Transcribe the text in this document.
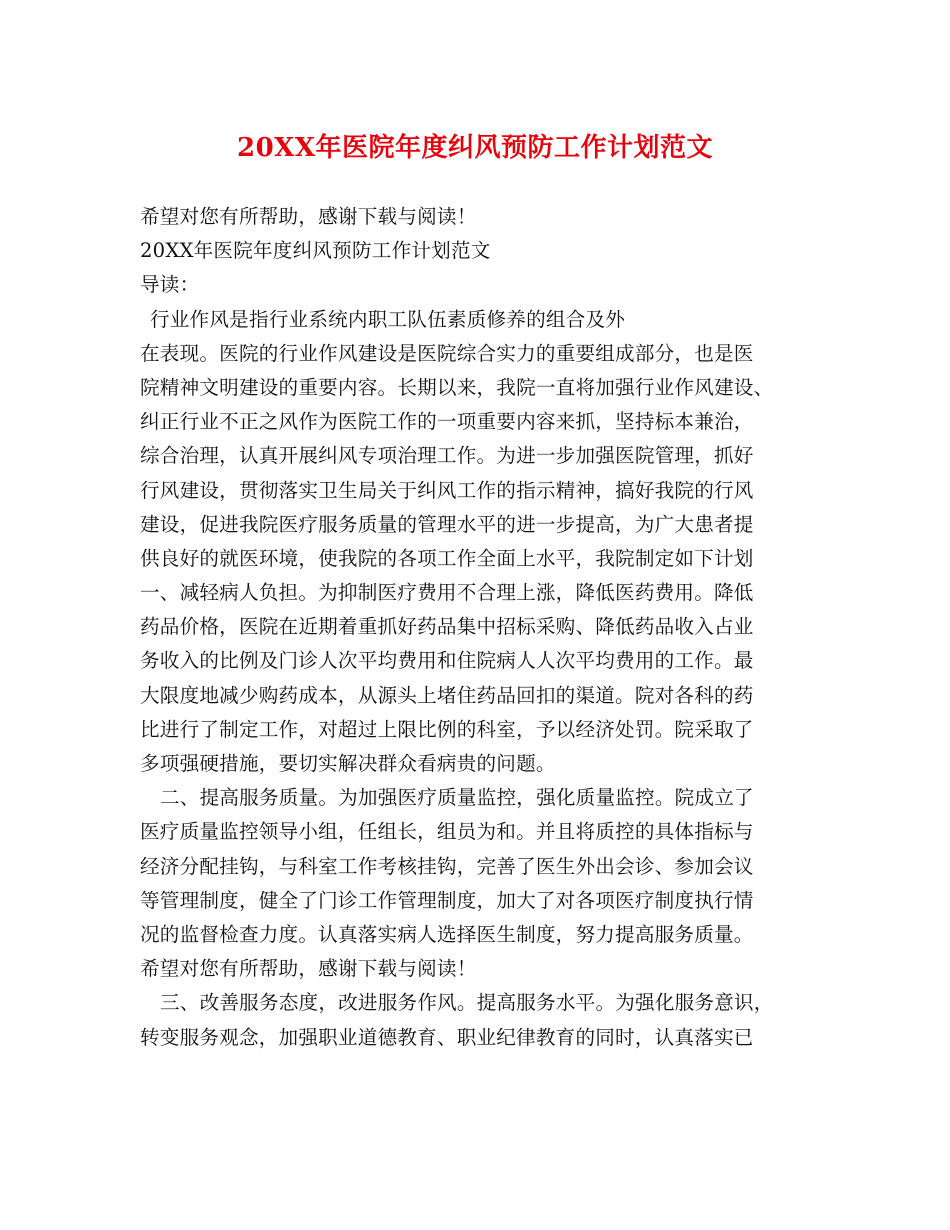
20XX年医院年度纠风预防工作计划范文
希望对您有所帮助，感谢下载与阅读！
20XX年医院年度纠风预防工作计划范文
导读：
行业作风是指行业系统内职工队伍素质修养的组合及外
在表现。医院的行业作风建设是医院综合实力的重要组成部分，也是医
院精神文明建设的重要内容。长期以来，我院一直将加强行业作风建设、
纠正行业不正之风作为医院工作的一项重要内容来抓，坚持标本兼治，
综合治理，认真开展纠风专项治理工作。为进一步加强医院管理，抓好
行风建设，贯彻落实卫生局关于纠风工作的指示精神，搞好我院的行风
建设，促进我院医疗服务质量的管理水平的进一步提高，为广大患者提
供良好的就医环境，使我院的各项工作全面上水平，我院制定如下计划
一、减轻病人负担。为抑制医疗费用不合理上涨，降低医药费用。降低
药品价格，医院在近期着重抓好药品集中招标采购、降低药品收入占业
务收入的比例及门诊人次平均费用和住院病人人次平均费用的工作。最
大限度地减少购药成本，从源头上堵住药品回扣的渠道。院对各科的药
比进行了制定工作，对超过上限比例的科室，予以经济处罚。院采取了
多项强硬措施，要切实解决群众看病贵的问题。
二、提高服务质量。为加强医疗质量监控，强化质量监控。院成立了
医疗质量监控领导小组，任组长，组员为和。并且将质控的具体指标与
经济分配挂钩，与科室工作考核挂钩，完善了医生外出会诊、参加会议
等管理制度，健全了门诊工作管理制度，加大了对各项医疗制度执行情
况的监督检查力度。认真落实病人选择医生制度，努力提高服务质量。
希望对您有所帮助，感谢下载与阅读！
三、改善服务态度，改进服务作风。提高服务水平。为强化服务意识，
转变服务观念，加强职业道德教育、职业纪律教育的同时，认真落实已
